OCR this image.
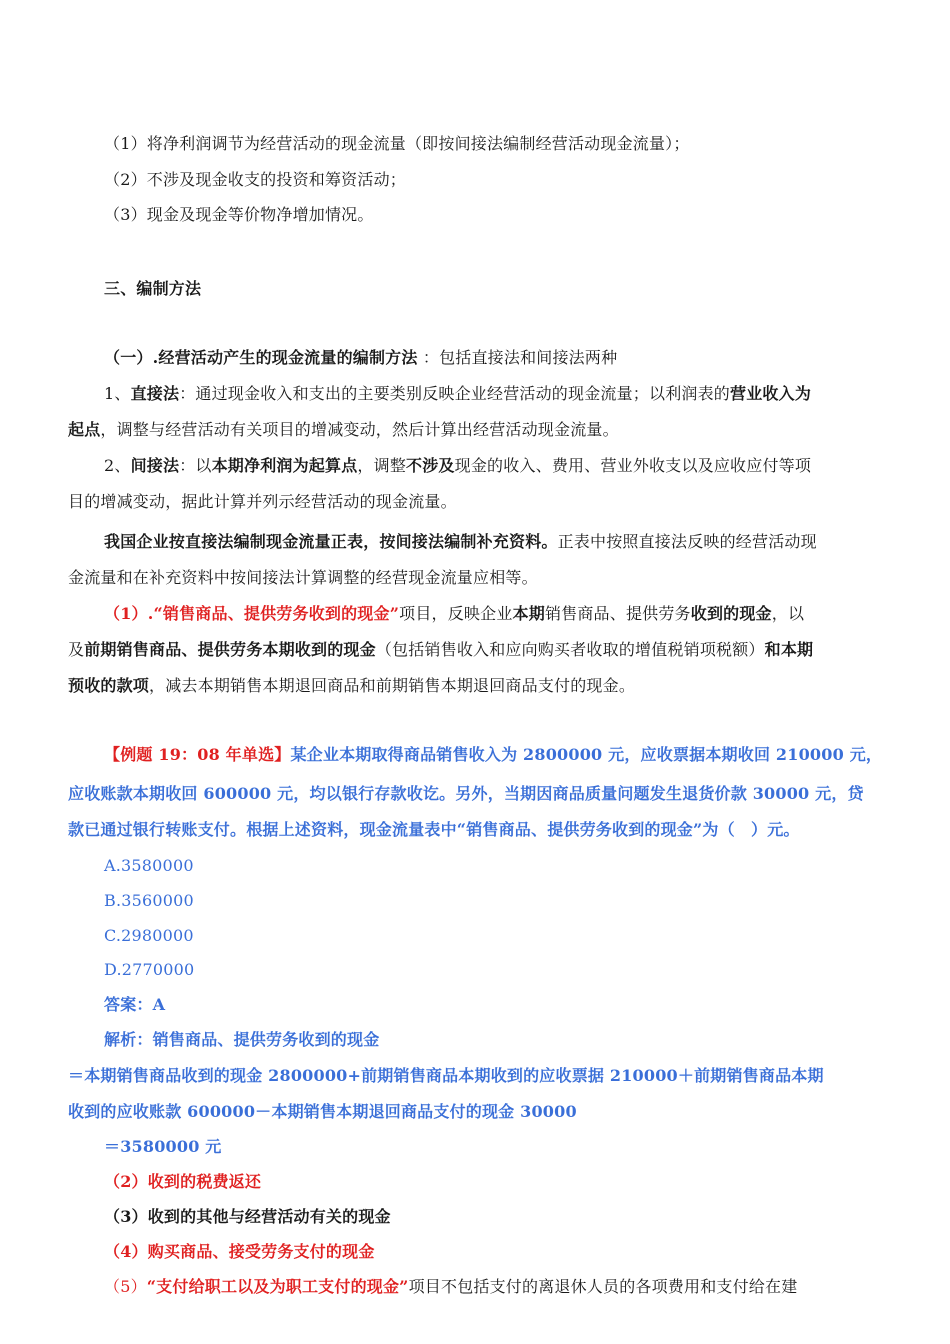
（1）将净利润调节为经营活动的现金流量（即按间接法编制经营活动现金流量）；
（2）不涉及现金收支的投资和筹资活动；
（3）现金及现金等价物净增加情况。
三、编制方法
（一）.经营活动产生的现金流量的编制方法 ：包括直接法和间接法两种
1、直接法：通过现金收入和支出的主要类别反映企业经营活动的现金流量；以利润表的营业收入为
起点，调整与经营活动有关项目的增减变动，然后计算出经营活动现金流量。
2、间接法：以本期净利润为起算点，调整不涉及现金的收入、费用、营业外收支以及应收应付等项
目的增减变动，据此计算并列示经营活动的现金流量。
我国企业按直接法编制现金流量正表，按间接法编制补充资料。正表中按照直接法反映的经营活动现
金流量和在补充资料中按间接法计算调整的经营现金流量应相等。
（1）.“销售商品、提供劳务收到的现金”项目，反映企业本期销售商品、提供劳务收到的现金，以
及前期销售商品、提供劳务本期收到的现金（包括销售收入和应向购买者收取的增值税销项税额）和本期
预收的款项，减去本期销售本期退回商品和前期销售本期退回商品支付的现金。
【例题 19：08 年单选】某企业本期取得商品销售收入为 2800000 元，应收票据本期收回 210000 元，
应收账款本期收回 600000 元，均以银行存款收讫。另外，当期因商品质量问题发生退货价款 30000 元，贷
款已通过银行转账支付。根据上述资料，现金流量表中“销售商品、提供劳务收到的现金”为（　）元。
A.3580000
B.3560000
C.2980000
D.2770000
答案：A
解析：销售商品、提供劳务收到的现金
＝本期销售商品收到的现金 2800000+前期销售商品本期收到的应收票据 210000＋前期销售商品本期
收到的应收账款 600000－本期销售本期退回商品支付的现金 30000
＝3580000 元
（2）收到的税费返还
（3）收到的其他与经营活动有关的现金
（4）购买商品、接受劳务支付的现金
（5）“支付给职工以及为职工支付的现金”项目不包括支付的离退休人员的各项费用和支付给在建
